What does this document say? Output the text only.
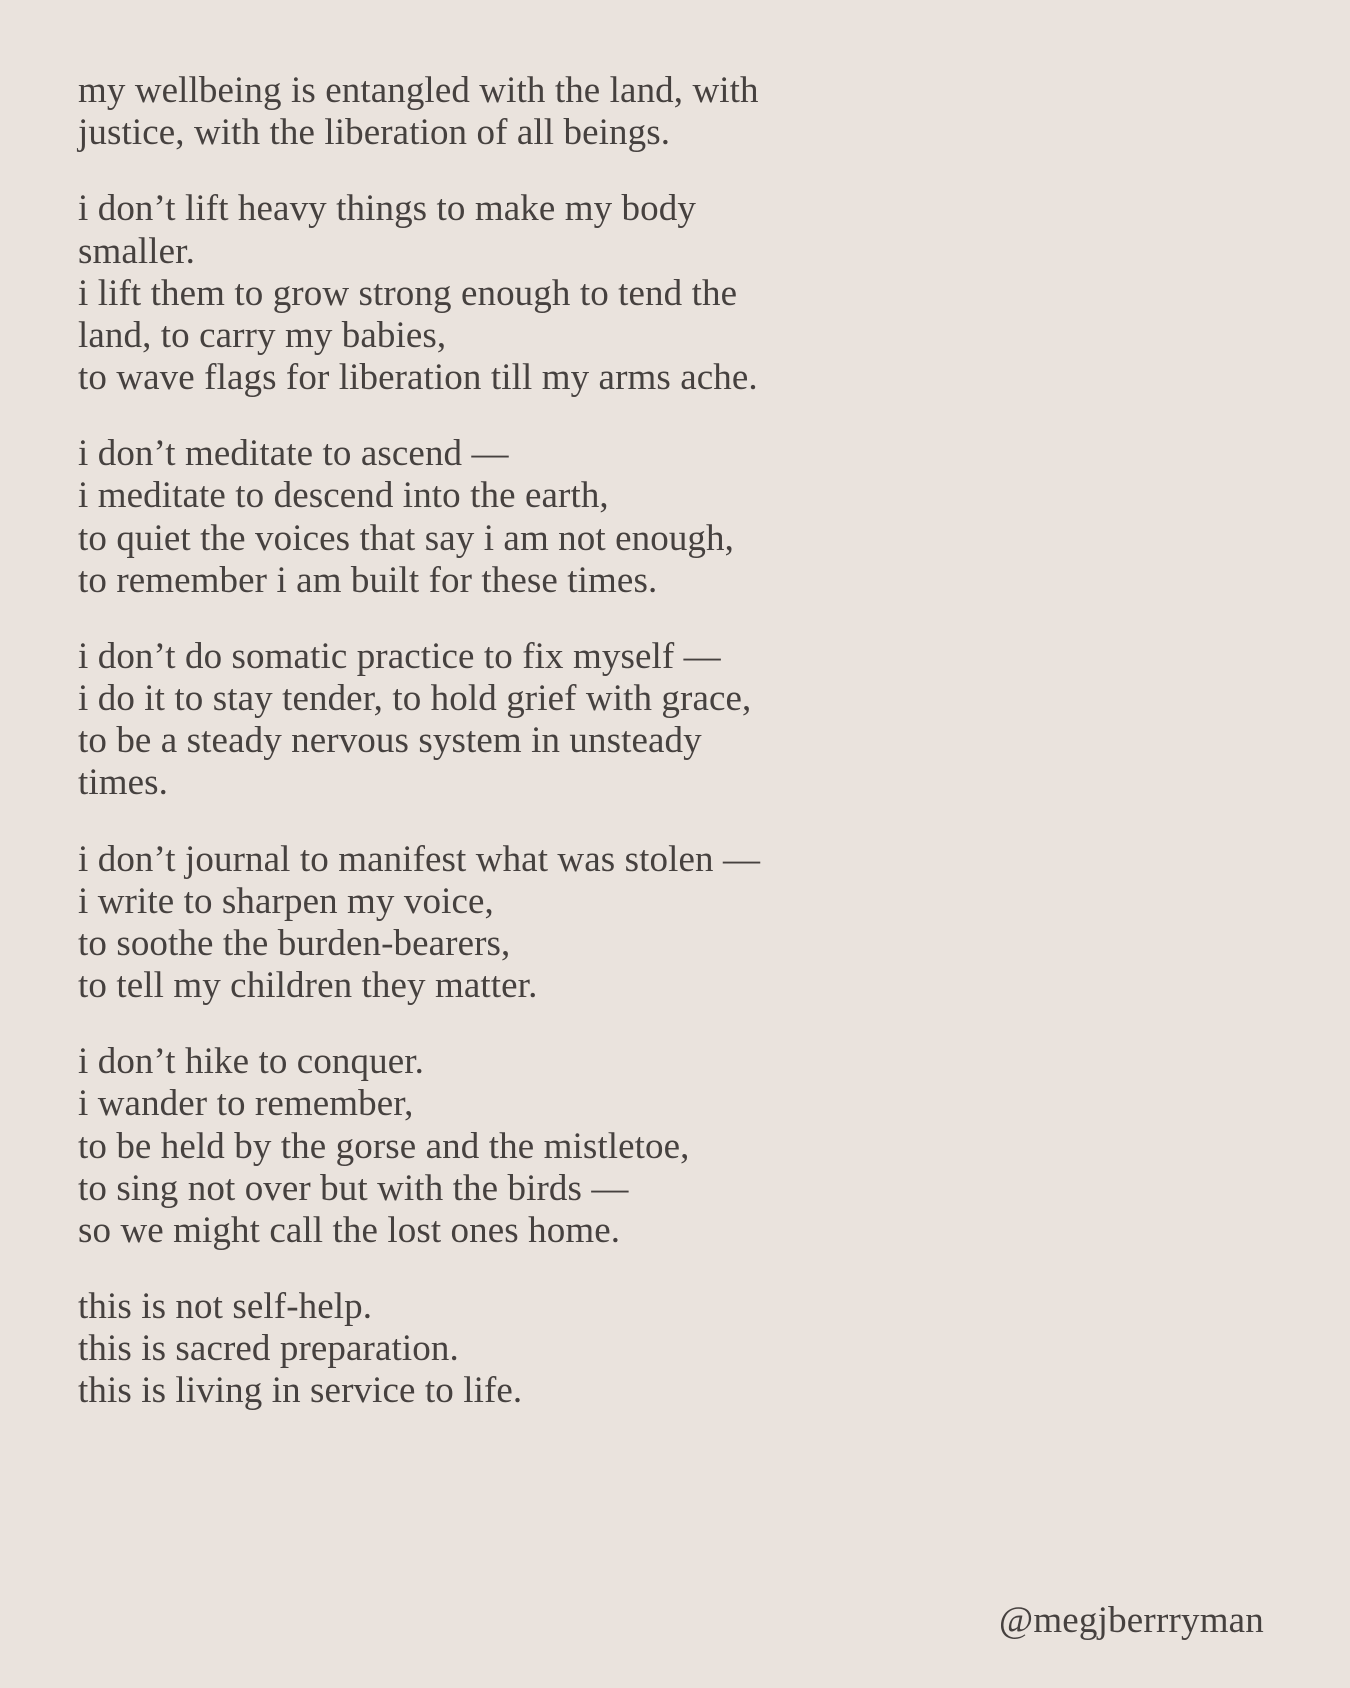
my wellbeing is entangled with the land, with
justice, with the liberation of all beings.

i don’t lift heavy things to make my body
smaller.
i lift them to grow strong enough to tend the
land, to carry my babies,
to wave flags for liberation till my arms ache.

i don’t meditate to ascend —
i meditate to descend into the earth,
to quiet the voices that say i am not enough,
to remember i am built for these times.

i don’t do somatic practice to fix myself —
i do it to stay tender, to hold grief with grace,
to be a steady nervous system in unsteady
times.

i don’t journal to manifest what was stolen —
i write to sharpen my voice,
to soothe the burden-bearers,
to tell my children they matter.

i don’t hike to conquer.
i wander to remember,
to be held by the gorse and the mistletoe,
to sing not over but with the birds —
so we might call the lost ones home.

this is not self-help.
this is sacred preparation.
this is living in service to life.

@megjberrryman
